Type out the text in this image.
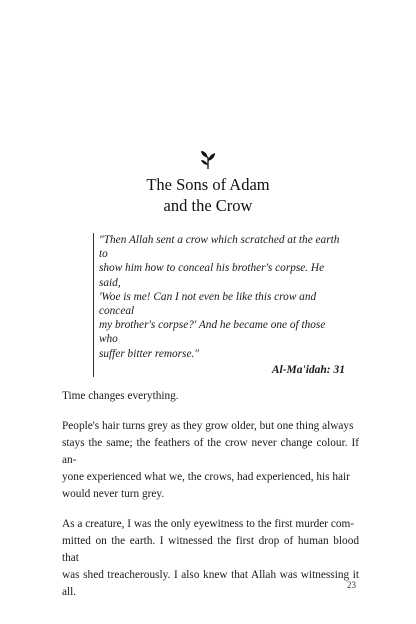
The Sons of Adam
and the Crow

"Then Allah sent a crow which scratched at the earth to
show him how to conceal his brother's corpse. He said,
'Woe is me! Can I not even be like this crow and conceal
my brother's corpse?' And he became one of those who
suffer bitter remorse."

Al-Ma'idah: 31

Time changes everything.

People's hair turns grey as they grow older, but one thing always
stays the same; the feathers of the crow never change colour. If an-
yone experienced what we, the crows, had experienced, his hair
would never turn grey.

As a creature, I was the only eyewitness to the first murder com-
mitted on the earth. I witnessed the first drop of human blood that
was shed treacherously. I also knew that Allah was witnessing it all.

23
